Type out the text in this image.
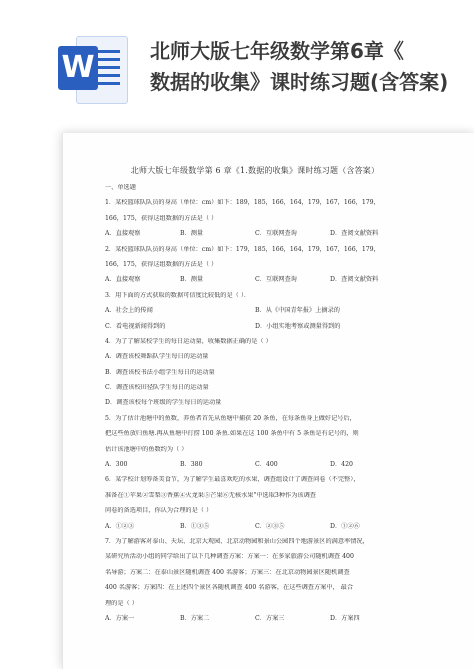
W	北师大版七年级数学第6章《
数据的收集》课时练习题(含答案)
北师大版七年级数学第 6 章《1.数据的收集》课时练习题（含答案）
一、单选题
1．某校篮球队队员的身高（单位：cm）如下：189，185，166，164，179，167，166，179，
166，175，获得这组数据的方法是（ ）
A．直接观察	B．测量	C．互联网查询	D．查阅文献资料
2．某校篮球队队员的身高（单位：cm）如下：179，185，166，164，179，167，166，179，
166，175，获得这组数据的方法是（ ）
A．直接观察	B．测量	C．互联网查询	D．查阅文献资料
3．用下面的方式获取的数据可信度比较低的是（ ）．
A．社会上的传闻	B．从《中国青年报》上摘录的
C．看电视新闻得到的	D．小组实地考察或测量得到的
4．为了了解某校学生的每日运动量，收集数据正确的是（ ）
A．调查该校舞蹈队学生每日的运动量
B．调查该校书法小组学生每日的运动量
C．调查该校田径队学生每日的运动量
D．调查该校每个班级的学生每日的运动量
5．为了估计池塘中的鱼数，养鱼者首先从鱼塘中捕获 20 条鱼，在每条鱼身上做好记号后，
把这些鱼放归鱼塘.再从鱼塘中打捞 100 条鱼.如果在这 100 条鱼中有 5 条鱼是有记号的，则
估计该池塘中的鱼数约为（ ）
A．300	B．380	C．400	D．420
6．某学校计划筹备美食节，为了解学生最喜欢吃的水果，调查组设计了调查问卷（不完整），
准备在①苹果②雪梨③香蕉④火龙果⑤芒果⑥无核水果"中选取3种作为该调查
问卷的备选项目，你认为合理的是（ ）
A．①②③	B．①③⑤	C．②③⑤	D．①②⑥
7．为了解游客对泰山、天坛、北京大观园、北京动物园和景山公园四个地游景区的满意率情况，
某研究所活动小组的同学给出了以下几种调查方案：方案一：在多家旅游公司随机调查 400
名导游；方案二：在泰山景区随机调查 400 名游客；方案三：在北京动物园景区随机调查
400 名游客；方案四：在上述四个景区各随机调查 400 名游客，在这些调查方案中， 最合
理的是（ ）
A．方案一	B．方案二	C．方案三	D．方案四
